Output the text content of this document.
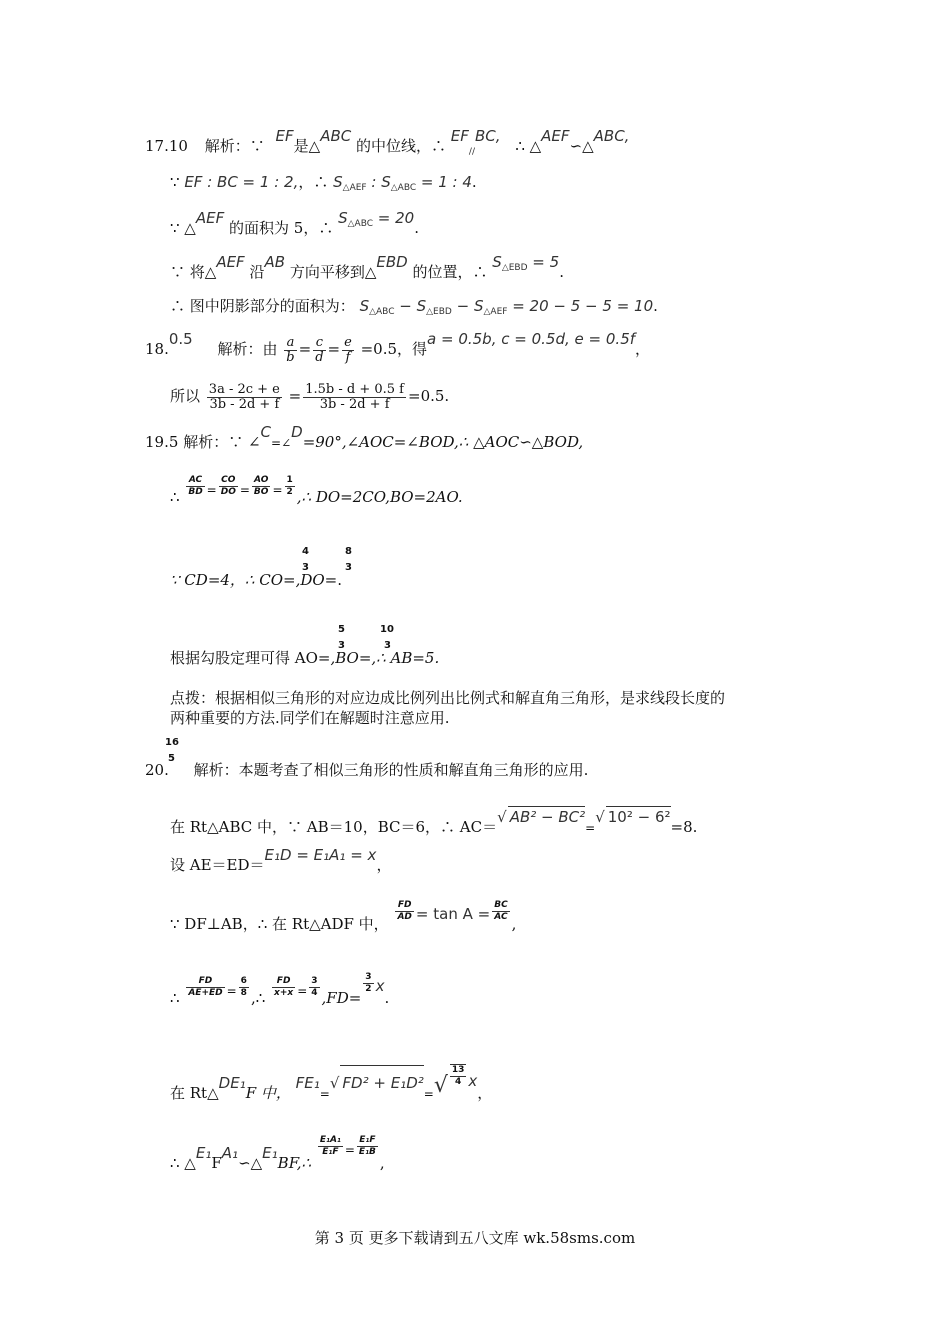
17.10 解析：∵ EF是△ABC 的中位线，∴ $EF_{//}BC$, ∴ △AEF∽△ABC,
∵ EF : BC = 1 : 2,，∴ $S_{\triangle AEF}$ : $S_{\triangle ABC} = 1$ : 4.
∵ △AEF 的面积为 5，∴ $S^{\triangle ABC} = 20$.
∵ 将△AEF 沿AB 方向平移到△EBD 的位置，∴ $S^{\triangle EBD} = 5$.
∴ 图中阴影部分的面积为： $S_{\triangle ABC} - S_{\triangle EBD} - S_{\triangle AEF} = 20 - 5 - 5 = 10$.
18.0.5 解析：由 $\frac{a}{b} = \frac{c}{d} = \frac{e}{f} =0.5$，得a = 0.5b, c = 0.5d, e = 0.5f，
所以 $\frac{3a - 2c + e}{3b - 2d + f} = \frac{1.5b - d + 0.5 f}{3b - 2d + f} =0.5$.
19.5 解析：∵ ∠C=∠D=90°,∠AOC=∠BOD,∴ △AOC∽△BOD,
∴ $\frac{AC}{BD} ^= \frac{CO}{DO} ^= \frac{AO}{BO} ^= \frac{1}{2}$ ,∴ DO=2CO,BO=2AO.
∵ CD=4，∴ CO=,DO=.
4
3
8
3
根据勾股定理可得 AO=,BO=,∴ AB=5.
5
3
10
3
点拨：根据相似三角形的对应边成比例列出比例式和解直角三角形，是求线段长度的
两种重要的方法.同学们在解题时注意应用.
16
5
20. 解析：本题考查了相似三角形的性质和解直角三角形的应用.
在 Rt△ABC 中，∵ AB＝10，BC＝6，∴ AC＝√ AB² − BC²=√ 10² − 6²=8.
设 AE＝ED＝E₁D = E₁A₁ = x，
∵ DF⊥AB，∴ 在 Rt△ADF 中，
$\frac{FD}{AD} = \tan A = \frac{BC}{AC}$
,
∴ $\frac{FD}{AE+ED} ^= \frac{6}{8}$ ,∴ $\frac{FD}{x+x} ^= \frac{3}{4} ,FD=$
$\frac{3}{2} x$.
在 Rt△DE₁F 中， FE₁=√ $FD^2 + E_1D^2=√ \frac{13}{4}$ x，
∴ △E₁FA₁∽△E₁BF,∴
$\frac{\text{E₁A₁}}{\text{E₁F}} ^= \frac{\text{E₁F}}{\text{E₁B}}$
,
第 3 页 更多下载请到五八文库 wk.58sms.com
